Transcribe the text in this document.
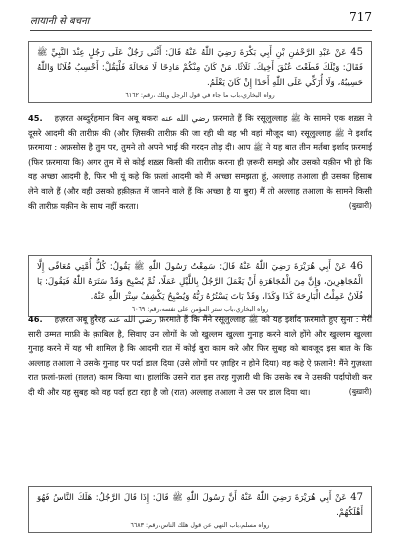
लायानी से बचना	717
45 عَنْ عَبْدِ الرَّحْمٰنِ بْنِ أَبِي بَكْرَةَ رَضِيَ اللّٰهُ عَنْهُ قَالَ: أَثْنَى رَجُلٌ عَلَى رَجُلٍ عِنْدَ النَّبِيِّ ﷺ فَقَالَ: وَيْلَكَ قَطَعْتَ عُنُقَ أَخِيكَ. ثَلَاثًا. مَنْ كَانَ مِنْكُمْ مَادِحًا لَا مَحَالَةَ فَلْيَقُلْ: أَحْسِبُ فُلَانًا وَاللّٰهُ حَسِيبُهُ، وَلَا أُزَكِّي عَلَى اللّٰهِ أَحَدًا إِنْ كَانَ يَعْلَمُ.
رواه البخاري،باب ما جاء في قول الرجل ويلك ،رقم: ٦١٦٢
45. हज़रत अब्दुर्रहमान बिन अबू बकरः رضي الله عنه फ़रमाते हैं कि रसूलुल्लाह ﷺ के सामने एक शख़्स ने दूसरे आदमी की तारीफ़ की (और ज़िसकी तारीफ़ की जा रही थी वह भी वहां मौजूद था) रसूलुल्लाह ﷺ ने इर्शाद फ़रमाया : अफ़सोस है तुम पर, तुमने तो अपने भाई की गरदन तोड़ दी। आप ﷺ ने यह बात तीन मर्तबा इर्शाद फ़रमाई (फिर फ़रमाया कि) अगर तुम में से कोई शख़्स किसी की तारीफ़ करना ही ज़रूरी समझे और उसको यक़ीन भी हो कि वह अच्छा आदमी है, फिर भी यूं कहे कि फ़लां आदमी को मैं अच्छा समझता हूं, अल्लाह तआला ही उसका हिसाब लेने वाले हैं (और वही उसको हक़ीक़त में जानने वाले हैं कि अच्छा है या बुरा) मैं तो अल्लाह तआला के सामने किसी की तारीफ़ यक़ीन के साथ नहीं करता।	(बुख़ारी)
46 عَنْ أَبِي هُرَيْرَةَ رَضِيَ اللّٰهُ عَنْهُ قَالَ: سَمِعْتُ رَسُولَ اللّٰهِ ﷺ يَقُولُ: كُلُّ أُمَّتِي مُعَافًى إِلَّا الْمُجَاهِرِينَ، وَإِنَّ مِنَ الْمُجَاهَرَةِ أَنْ يَعْمَلَ الرَّجُلُ بِاللَّيْلِ عَمَلًا، ثُمَّ يُصْبِحَ وَقَدْ سَتَرَهُ اللّٰهُ فَيَقُولَ: يَا فُلَانُ عَمِلْتُ الْبَارِحَةَ كَذَا وَكَذَا، وَقَدْ بَاتَ يَسْتُرُهُ رَبُّهُ وَيُصْبِحُ يَكْشِفُ سِتْرَ اللّٰهِ عَنْهُ.
رواه البخاري،باب ستر المؤمن على نفسه،رقم: ٦٠٦٩
46. हज़रत अबू हुरैरह رضي الله عنه फ़रमाते हैं कि मैंने रसूलुल्लाह ﷺ को यह इर्शाद फ़रमाते हुए सुना : मेरी सारी उम्मत माफ़ी के क़ाबिल है, सिवाए उन लोगों के जो खुल्लम खुल्ला गुनाह करने वाले होंगे और खुल्लम खुल्ला गुनाह करने में यह भी शामिल है कि आदमी रात में कोई बुरा काम करे और फिर सुबह को बावजूद इस बात के कि अल्लाह तआला ने उसके गुनाह पर पर्दा डाल दिया (उसे लोगों पर ज़ाहिर न होने दिया) वह कहे ऐ फ़लाने! मैंने गुज़श्ता रात फ़लां-फ़लां (ग़लत) काम किया था। हालांकि उसने रात इस तरह गुज़ारी थी कि उसके रब ने उसकी पर्दापोशी कर दी थी और यह सुबह को वह पर्दा हटा रहा है जो (रात) अल्लाह तआला ने उस पर डाल दिया था।	(बुख़ारी)
47 عَنْ أَبِي هُرَيْرَةَ رَضِيَ اللّٰهُ عَنْهُ أَنَّ رَسُولَ اللّٰهِ ﷺ قَالَ: إِذَا قَالَ الرَّجُلُ: هَلَكَ النَّاسُ فَهُوَ أَهْلَكُهُمْ.
رواه مسلم،باب النهي عن قول هلك الناس،رقم: ٦٦٨٣
